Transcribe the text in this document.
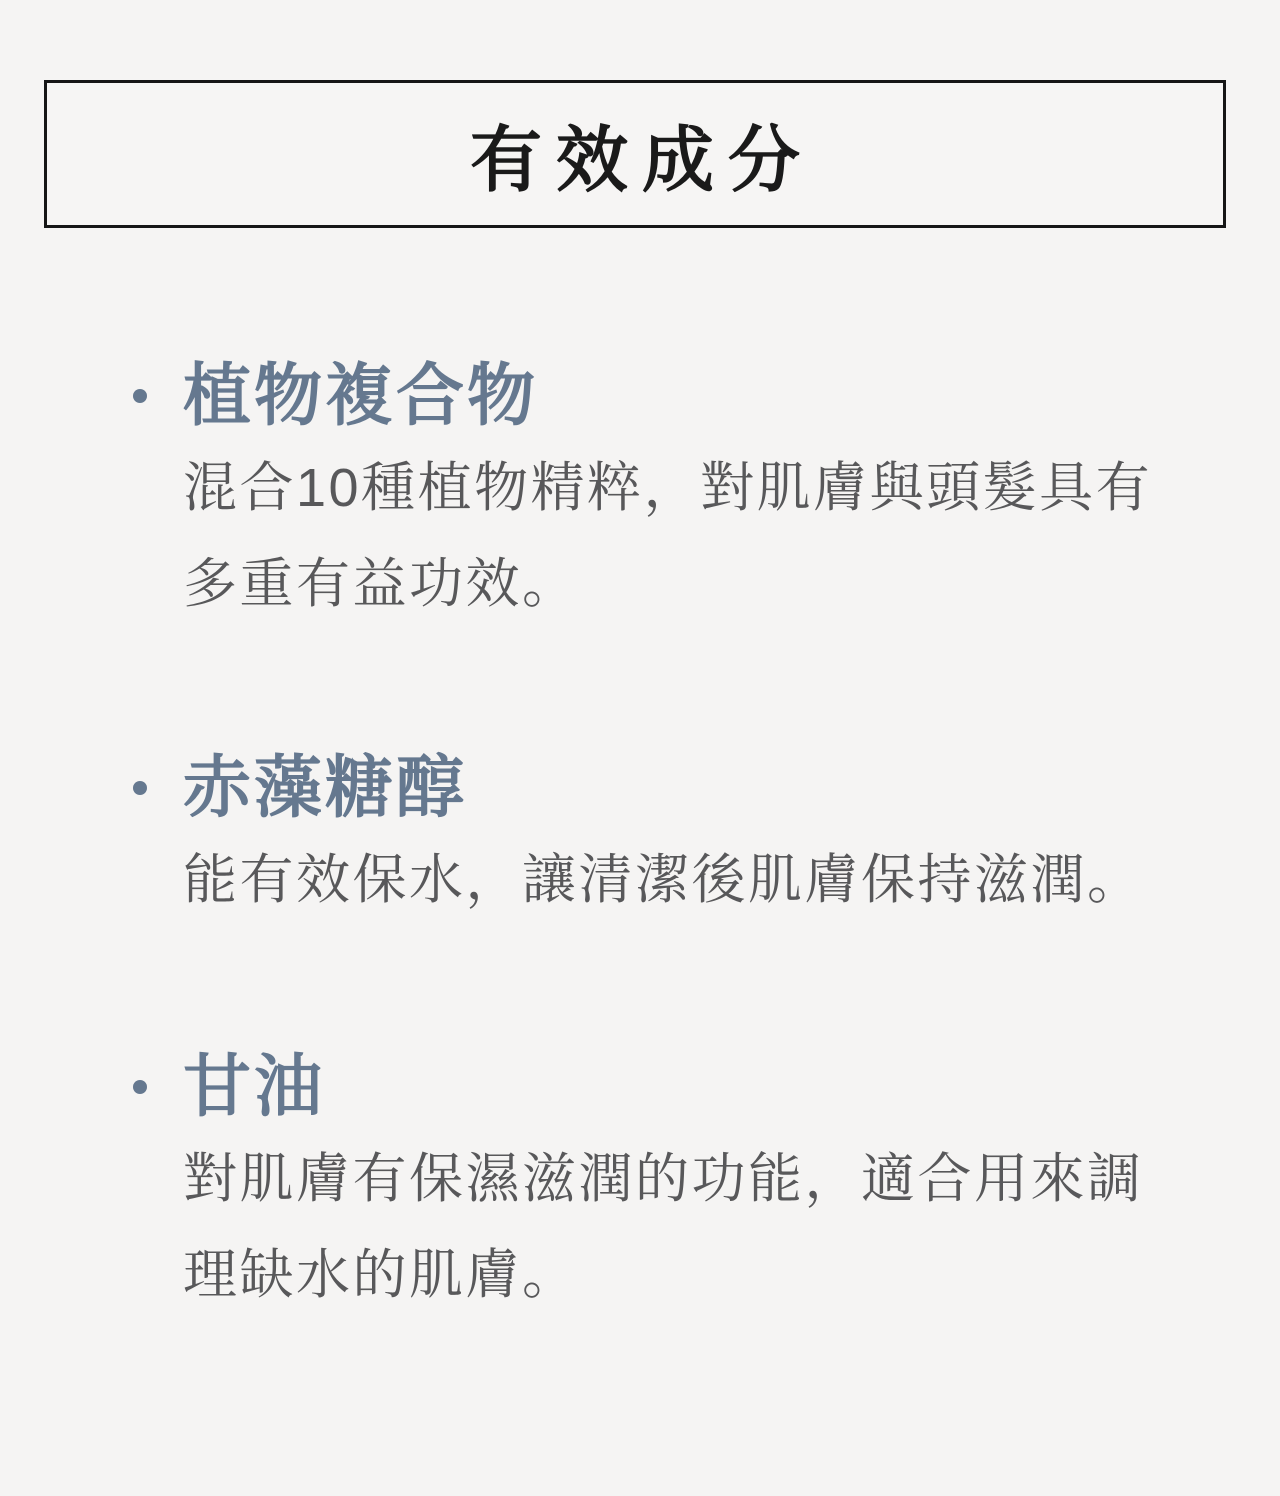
有效成分
植物複合物
混合10種植物精粹，對肌膚與頭髮具有
多重有益功效。
赤藻糖醇
能有效保水，讓清潔後肌膚保持滋潤。
甘油
對肌膚有保濕滋潤的功能，適合用來調
理缺水的肌膚。
